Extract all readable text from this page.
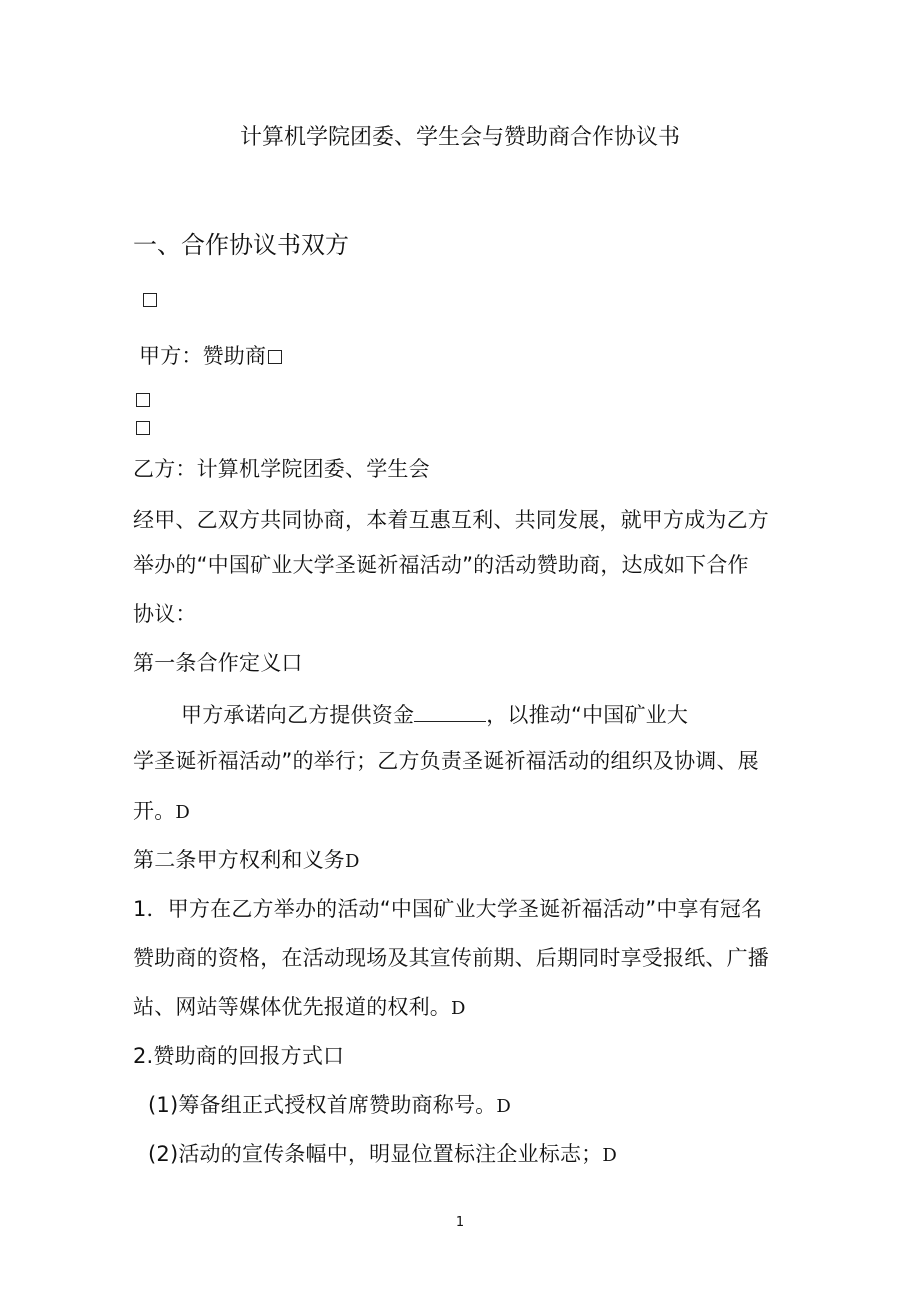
计算机学院团委、学生会与赞助商合作协议书
一、合作协议书双方
甲方：赞助商
乙方：计算机学院团委、学生会
经甲、乙双方共同协商，本着互惠互利、共同发展，就甲方成为乙方
举办的“中国矿业大学圣诞祈福活动”的活动赞助商，达成如下合作
协议：
第一条合作定义口
甲方承诺向乙方提供资金	，以推动“中国矿业大
学圣诞祈福活动”的举行；乙方负责圣诞祈福活动的组织及协调、展
开。D
第二条甲方权利和义务D
1．甲方在乙方举办的活动“中国矿业大学圣诞祈福活动”中享有冠名
赞助商的资格，在活动现场及其宣传前期、后期同时享受报纸、广播
站、网站等媒体优先报道的权利。D
2.赞助商的回报方式口
(1)筹备组正式授权首席赞助商称号。D
(2)活动的宣传条幅中，明显位置标注企业标志；D
1
